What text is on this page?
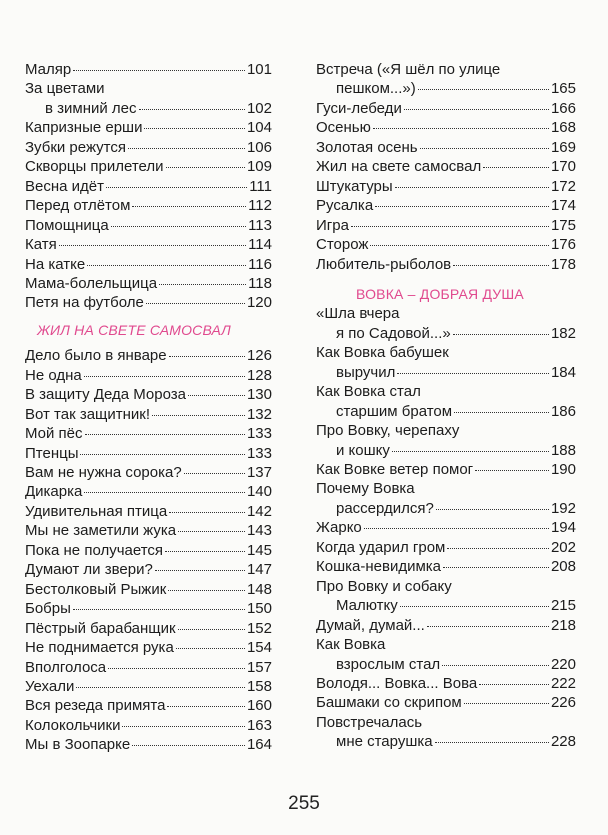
Маляр	101
За цветами
в зимний лес	102
Капризные ерши	104
Зубки режутся	106
Скворцы прилетели	109
Весна идёт	111
Перед отлётом	112
Помощница	113
Катя	114
На катке	116
Мама-болельщица	118
Петя на футболе	120
ЖИЛ НА СВЕТЕ САМОСВАЛ
Дело было в январе	126
Не одна	128
В защиту Деда Мороза	130
Вот так защитник!	132
Мой пёс	133
Птенцы	133
Вам не нужна сорока?	137
Дикарка	140
Удивительная птица	142
Мы не заметили жука	143
Пока не получается	145
Думают ли звери?	147
Бестолковый Рыжик	148
Бобры	150
Пёстрый барабанщик	152
Не поднимается рука	154
Вполголоса	157
Уехали	158
Вся резеда примята	160
Колокольчики	163
Мы в Зоопарке	164
Встреча («Я шёл по улице
пешком...»)	165
Гуси-лебеди	166
Осенью	168
Золотая осень	169
Жил на свете самосвал	170
Штукатуры	172
Русалка	174
Игра	175
Сторож	176
Любитель-рыболов	178
ВОВКА – ДОБРАЯ ДУША
«Шла вчера
я по Садовой...»	182
Как Вовка бабушек
выручил	184
Как Вовка стал
старшим братом	186
Про Вовку, черепаху
и кошку	188
Как Вовке ветер помог	190
Почему Вовка
рассердился?	192
Жарко	194
Когда ударил гром	202
Кошка-невидимка	208
Про Вовку и собаку
Малютку	215
Думай, думай...	218
Как Вовка
взрослым стал	220
Володя... Вовка... Вова	222
Башмаки со скрипом	226
Повстречалась
мне старушка	228
255
